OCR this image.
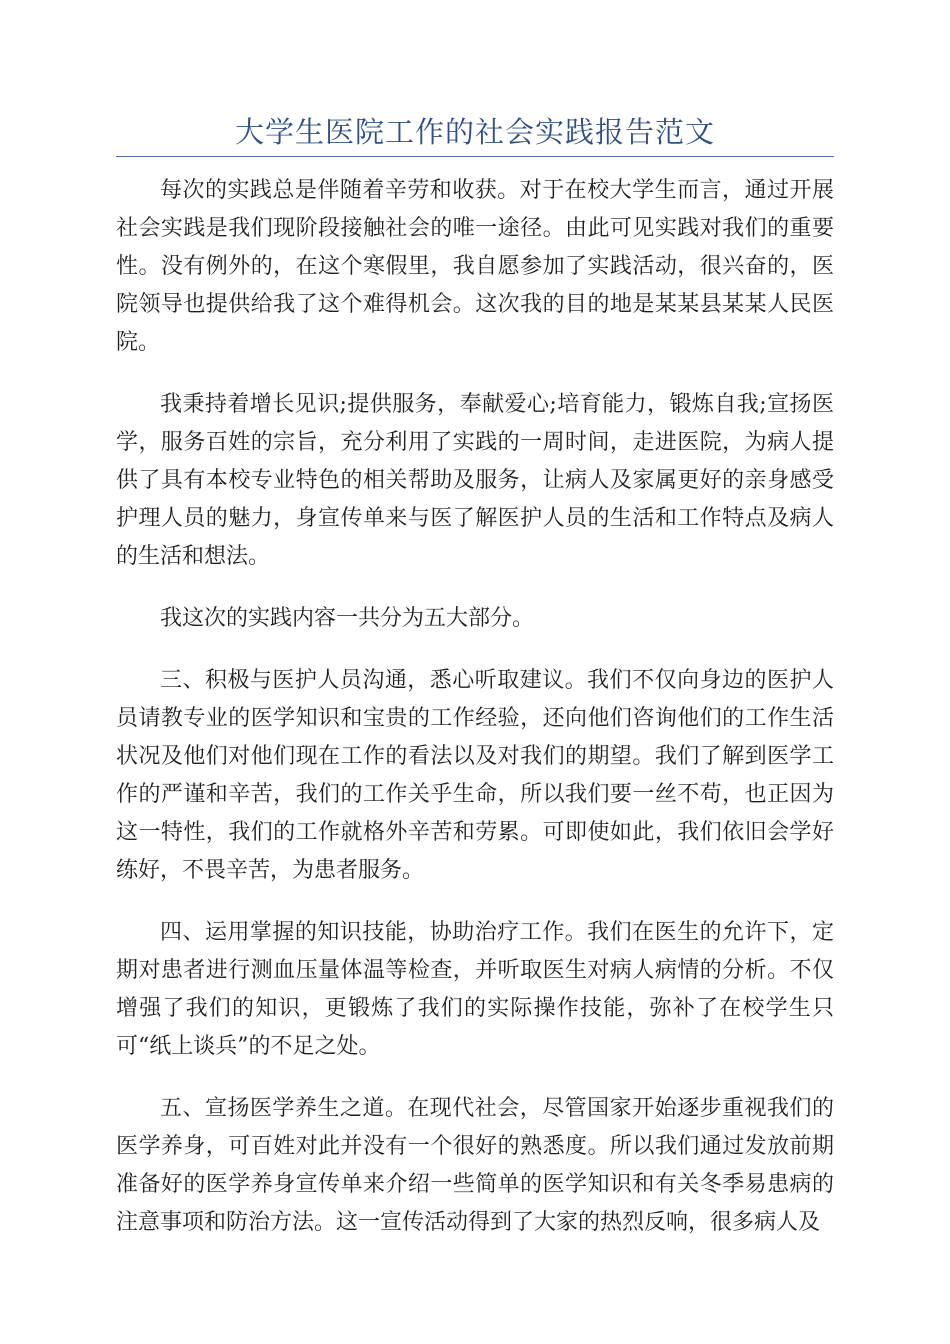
大学生医院工作的社会实践报告范文

每次的实践总是伴随着辛劳和收获。对于在校大学生而言，通过开展社会实践是我们现阶段接触社会的唯一途径。由此可见实践对我们的重要性。没有例外的，在这个寒假里，我自愿参加了实践活动，很兴奋的，医院领导也提供给我了这个难得机会。这次我的目的地是某某县某某人民医院。

我秉持着增长见识;提供服务，奉献爱心;培育能力，锻炼自我;宣扬医学，服务百姓的宗旨，充分利用了实践的一周时间，走进医院，为病人提供了具有本校专业特色的相关帮助及服务，让病人及家属更好的亲身感受护理人员的魅力，身宣传单来与医了解医护人员的生活和工作特点及病人的生活和想法。

我这次的实践内容一共分为五大部分。

三、积极与医护人员沟通，悉心听取建议。我们不仅向身边的医护人员请教专业的医学知识和宝贵的工作经验，还向他们咨询他们的工作生活状况及他们对他们现在工作的看法以及对我们的期望。我们了解到医学工作的严谨和辛苦，我们的工作关乎生命，所以我们要一丝不苟，也正因为这一特性，我们的工作就格外辛苦和劳累。可即使如此，我们依旧会学好练好，不畏辛苦，为患者服务。

四、运用掌握的知识技能，协助治疗工作。我们在医生的允许下，定期对患者进行测血压量体温等检查，并听取医生对病人病情的分析。不仅增强了我们的知识，更锻炼了我们的实际操作技能，弥补了在校学生只可“纸上谈兵”的不足之处。

五、宣扬医学养生之道。在现代社会，尽管国家开始逐步重视我们的医学养身，可百姓对此并没有一个很好的熟悉度。所以我们通过发放前期准备好的医学养身宣传单来介绍一些简单的医学知识和有关冬季易患病的注意事项和防治方法。这一宣传活动得到了大家的热烈反响，很多病人及
